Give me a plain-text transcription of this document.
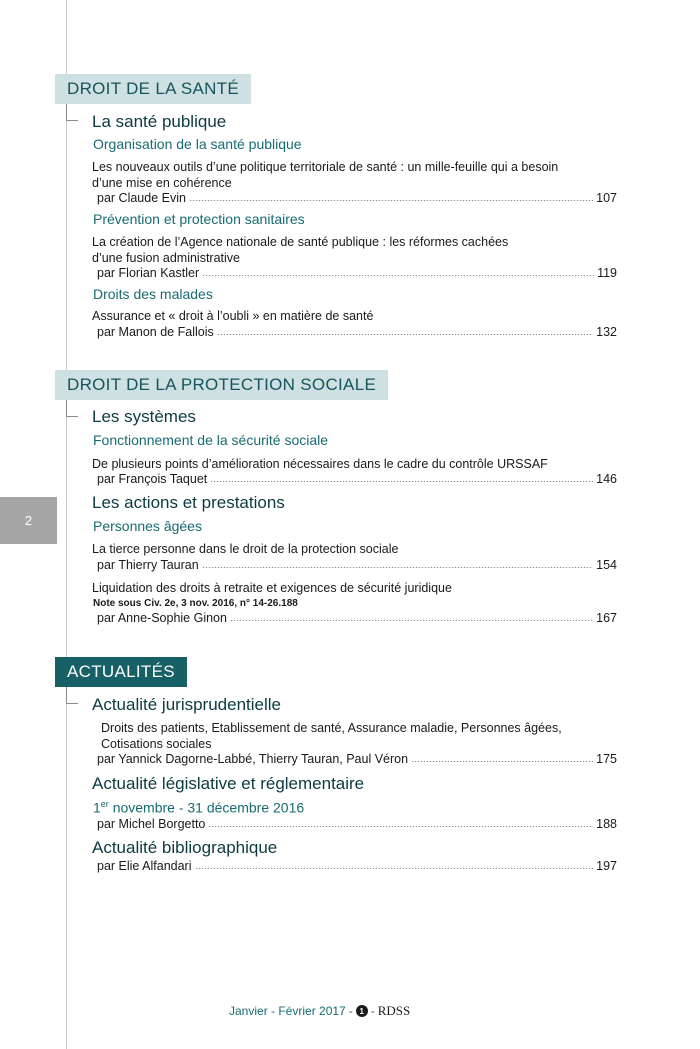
2
DROIT DE LA SANTÉ
La santé publique
Organisation de la santé publique
Les nouveaux outils d’une politique territoriale de santé : un mille-feuille qui a besoin
d’une mise en cohérence
par Claude Evin	107
Prévention et protection sanitaires
La création de l’Agence nationale de santé publique : les réformes cachées
d’une fusion administrative
par Florian Kastler	119
Droits des malades
Assurance et « droit à l’oubli » en matière de santé
par Manon de Fallois	132
DROIT DE LA PROTECTION SOCIALE
Les systèmes
Fonctionnement de la sécurité sociale
De plusieurs points d’amélioration nécessaires dans le cadre du contrôle URSSAF
par François Taquet	146
Les actions et prestations
Personnes âgées
La tierce personne dans le droit de la protection sociale
par Thierry Tauran	154
Liquidation des droits à retraite et exigences de sécurité juridique
Note sous Civ. 2e, 3 nov. 2016, n° 14-26.188
par Anne-Sophie Ginon	167
ACTUALITÉS
Actualité jurisprudentielle
Droits des patients, Etablissement de santé, Assurance maladie, Personnes âgées,
Cotisations sociales
par Yannick Dagorne-Labbé, Thierry Tauran, Paul Véron	175
Actualité législative et réglementaire
1er novembre - 31 décembre 2016
par Michel Borgetto	188
Actualité bibliographique
par Elie Alfandari	197
Janvier - Février 2017 - 1 - RDSS
